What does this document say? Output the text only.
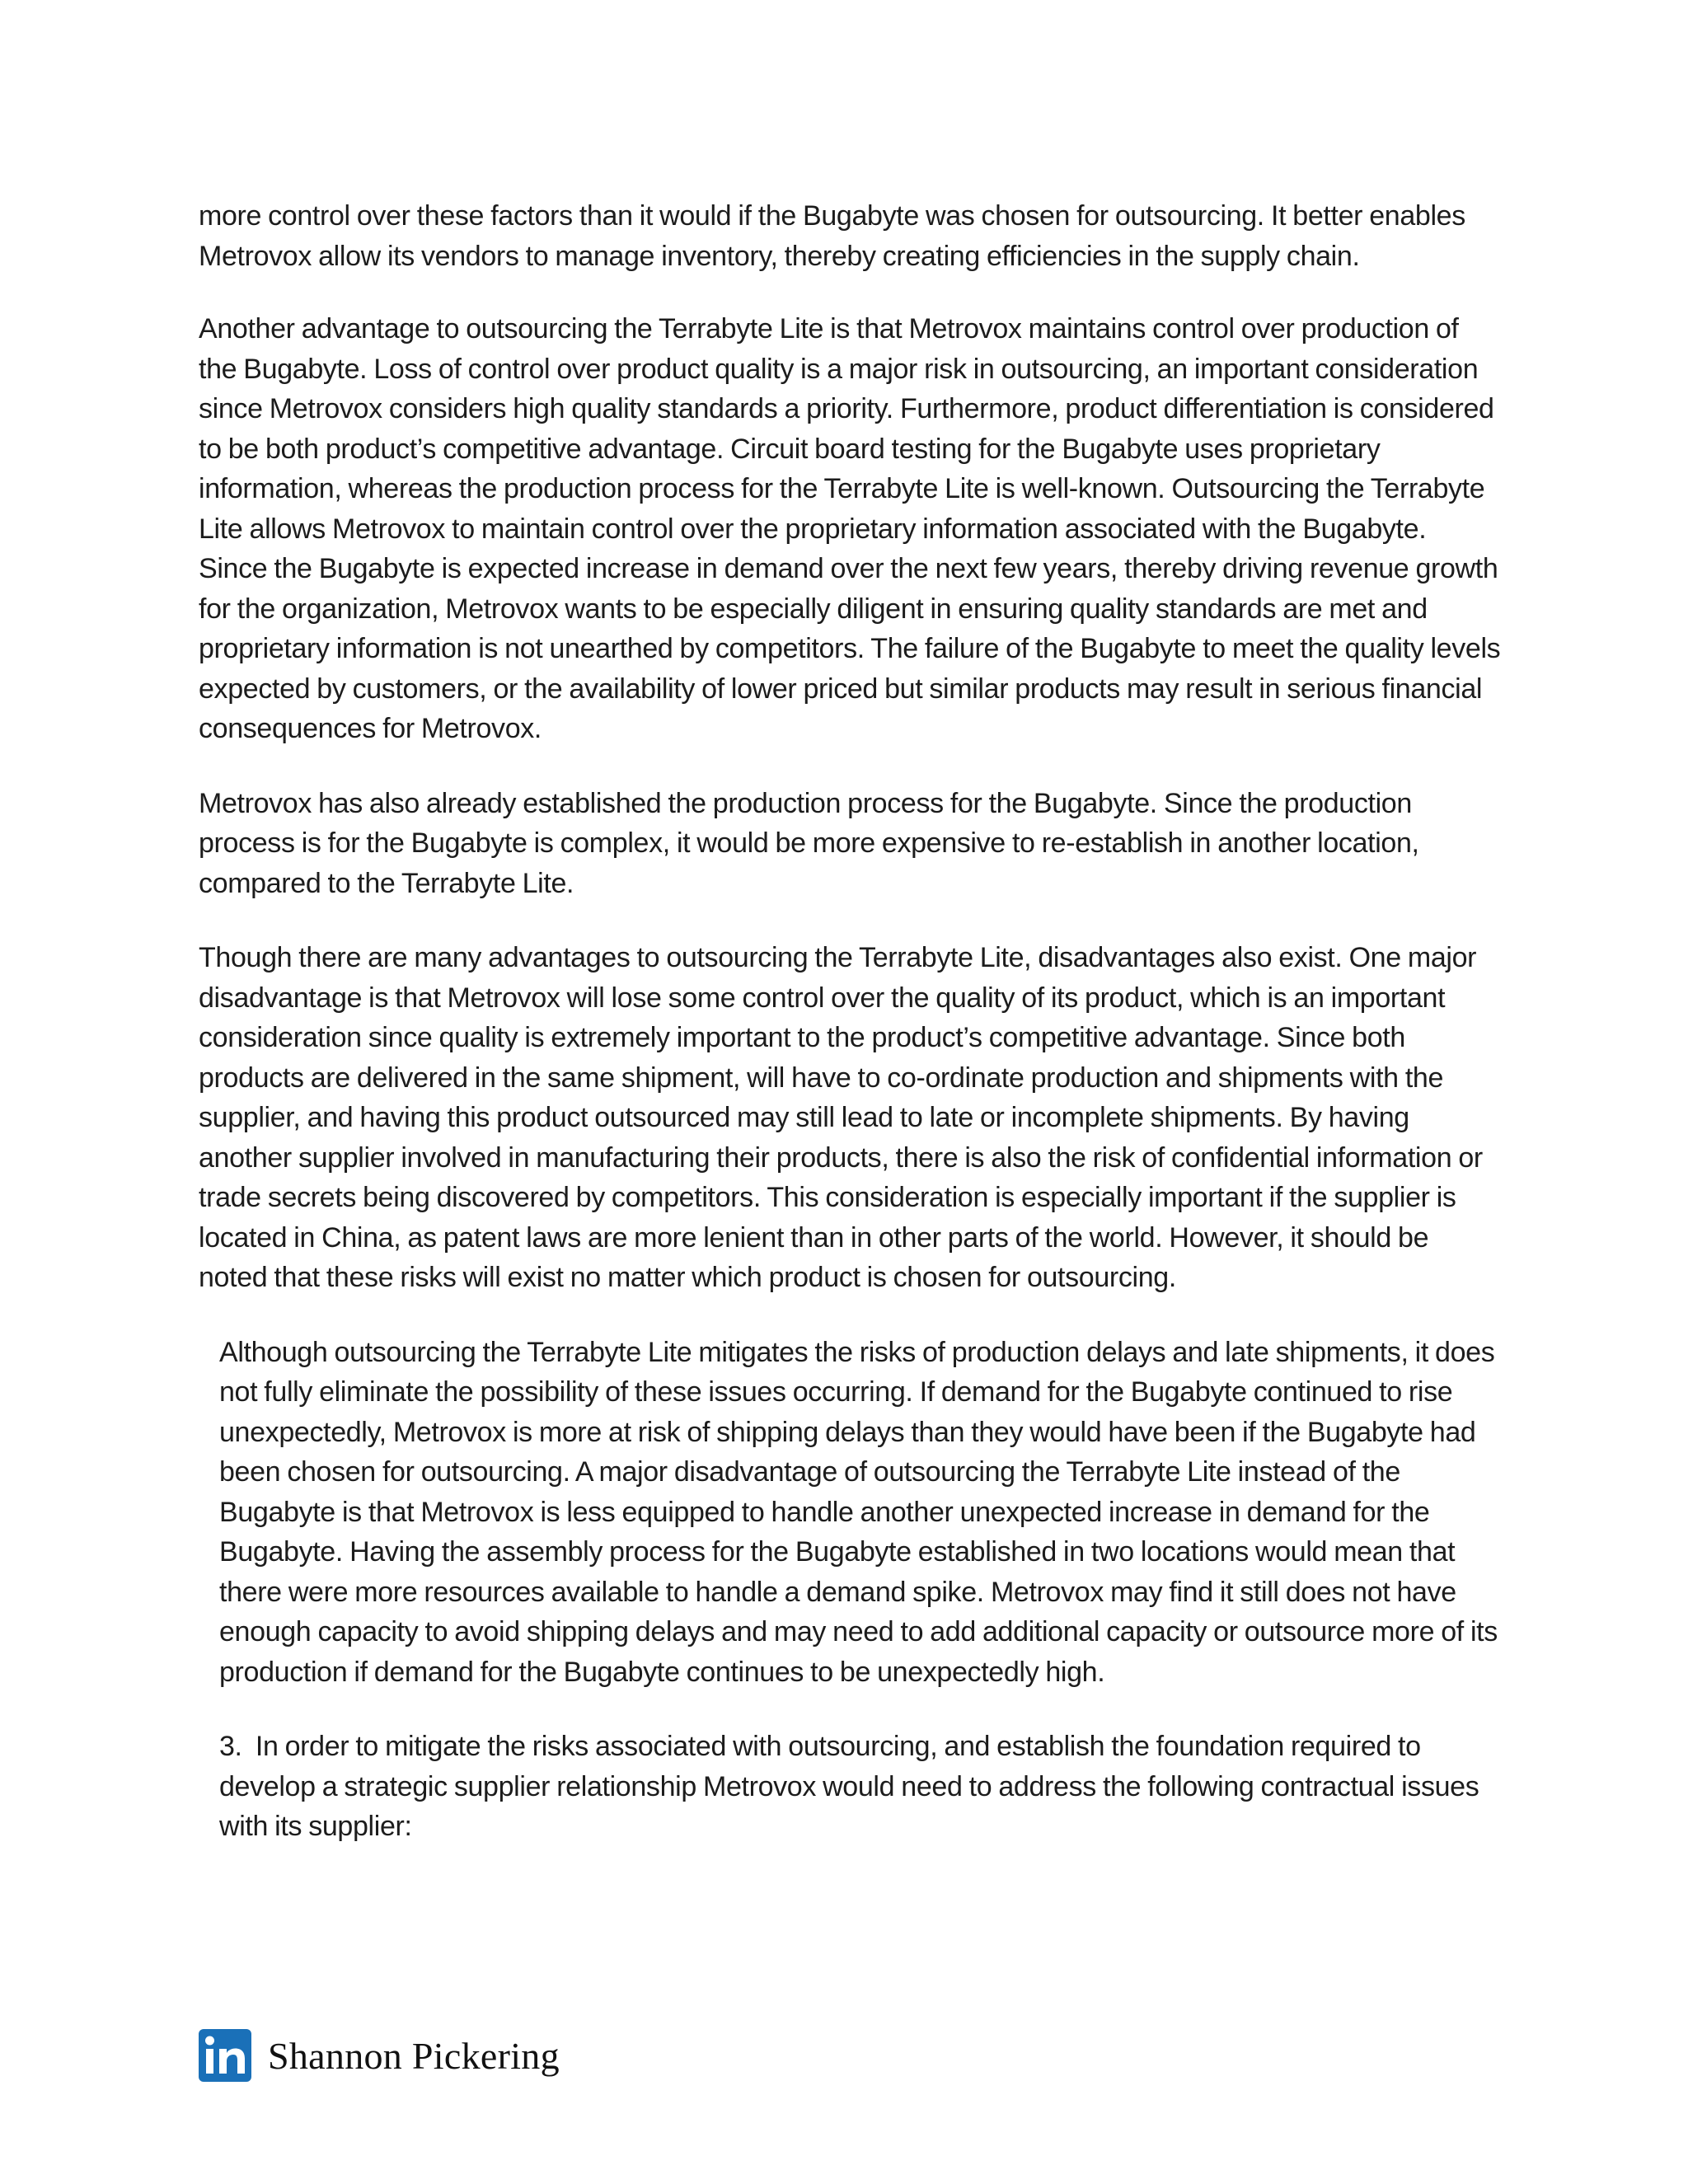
more control over these factors than it would if the Bugabyte was chosen for outsourcing. It better enables Metrovox allow its vendors to manage inventory, thereby creating efficiencies in the supply chain.

Another advantage to outsourcing the Terrabyte Lite is that Metrovox maintains control over production of the Bugabyte. Loss of control over product quality is a major risk in outsourcing, an important consideration since Metrovox considers high quality standards a priority. Furthermore, product differentiation is considered to be both product’s competitive advantage. Circuit board testing for the Bugabyte uses proprietary information, whereas the production process for the Terrabyte Lite is well-known. Outsourcing the Terrabyte Lite allows Metrovox to maintain control over the proprietary information associated with the Bugabyte. Since the Bugabyte is expected increase in demand over the next few years, thereby driving revenue growth for the organization, Metrovox wants to be especially diligent in ensuring quality standards are met and proprietary information is not unearthed by competitors. The failure of the Bugabyte to meet the quality levels expected by customers, or the availability of lower priced but similar products may result in serious financial consequences for Metrovox.

Metrovox has also already established the production process for the Bugabyte. Since the production process is for the Bugabyte is complex, it would be more expensive to re-establish in another location, compared to the Terrabyte Lite.

Though there are many advantages to outsourcing the Terrabyte Lite, disadvantages also exist. One major disadvantage is that Metrovox will lose some control over the quality of its product, which is an important consideration since quality is extremely important to the product’s competitive advantage. Since both products are delivered in the same shipment, will have to co-ordinate production and shipments with the supplier, and having this product outsourced may still lead to late or incomplete shipments. By having another supplier involved in manufacturing their products, there is also the risk of confidential information or trade secrets being discovered by competitors. This consideration is especially important if the supplier is located in China, as patent laws are more lenient than in other parts of the world. However, it should be noted that these risks will exist no matter which product is chosen for outsourcing.

Although outsourcing the Terrabyte Lite mitigates the risks of production delays and late shipments, it does not fully eliminate the possibility of these issues occurring. If demand for the Bugabyte continued to rise unexpectedly, Metrovox is more at risk of shipping delays than they would have been if the Bugabyte had been chosen for outsourcing. A major disadvantage of outsourcing the Terrabyte Lite instead of the Bugabyte is that Metrovox is less equipped to handle another unexpected increase in demand for the Bugabyte. Having the assembly process for the Bugabyte established in two locations would mean that there were more resources available to handle a demand spike. Metrovox may find it still does not have enough capacity to avoid shipping delays and may need to add additional capacity or outsource more of its production if demand for the Bugabyte continues to be unexpectedly high.

3. In order to mitigate the risks associated with outsourcing, and establish the foundation required to develop a strategic supplier relationship Metrovox would need to address the following contractual issues with its supplier:

Shannon Pickering
